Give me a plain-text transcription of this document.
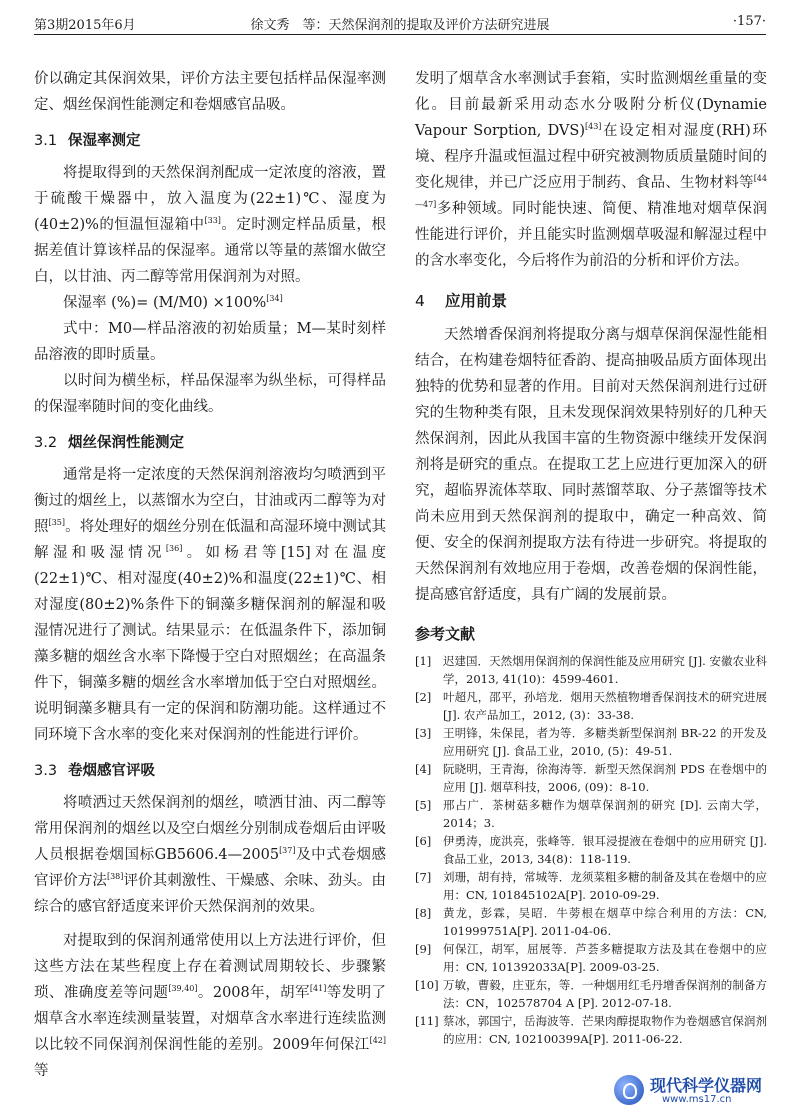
第3期2015年6月	徐文秀　等：天然保润剂的提取及评价方法研究进展	·157·

价以确定其保润效果，评价方法主要包括样品保湿率测定、烟丝保润性能测定和卷烟感官品吸。

3.1 保湿率测定

将提取得到的天然保润剂配成一定浓度的溶液，置于硫酸干燥器中，放入温度为(22±1)℃、湿度为(40±2)%的恒温恒湿箱中[33]。定时测定样品质量，根据差值计算该样品的保湿率。通常以等量的蒸馏水做空白，以甘油、丙二醇等常用保润剂为对照。

保湿率 (%)= (M/M0) ×100%[34]

式中：M0—样品溶液的初始质量；M—某时刻样品溶液的即时质量。

以时间为横坐标，样品保湿率为纵坐标，可得样品的保湿率随时间的变化曲线。

3.2 烟丝保润性能测定

通常是将一定浓度的天然保润剂溶液均匀喷洒到平衡过的烟丝上，以蒸馏水为空白，甘油或丙二醇等为对照[35]。将处理好的烟丝分别在低温和高湿环境中测试其解湿和吸湿情况[36]。如杨君等[15]对在温度(22±1)℃、相对湿度(40±2)%和温度(22±1)℃、相对湿度(80±2)%条件下的铜藻多糖保润剂的解湿和吸湿情况进行了测试。结果显示：在低温条件下，添加铜藻多糖的烟丝含水率下降慢于空白对照烟丝；在高温条件下，铜藻多糖的烟丝含水率增加低于空白对照烟丝。说明铜藻多糖具有一定的保润和防潮功能。这样通过不同环境下含水率的变化来对保润剂的性能进行评价。

3.3 卷烟感官评吸

将喷洒过天然保润剂的烟丝，喷洒甘油、丙二醇等常用保润剂的烟丝以及空白烟丝分别制成卷烟后由评吸人员根据卷烟国标GB5606.4—2005[37]及中式卷烟感官评价方法[38]评价其刺激性、干燥感、余味、劲头。由综合的感官舒适度来评价天然保润剂的效果。

对提取到的保润剂通常使用以上方法进行评价，但这些方法在某些程度上存在着测试周期较长、步骤繁琐、准确度差等问题[39,40]。2008年，胡军[41]等发明了烟草含水率连续测量装置，对烟草含水率进行连续监测以比较不同保润剂保润性能的差别。2009年何保江[42]等

发明了烟草含水率测试手套箱，实时监测烟丝重量的变化。目前最新采用动态水分吸附分析仪(Dynamie Vapour Sorption, DVS)[43]在设定相对湿度(RH)环境、程序升温或恒温过程中研究被测物质质量随时间的变化规律，并已广泛应用于制药、食品、生物材料等[44—47]多种领域。同时能快速、简便、精准地对烟草保润性能进行评价，并且能实时监测烟草吸湿和解湿过程中的含水率变化，今后将作为前沿的分析和评价方法。

4 应用前景

天然增香保润剂将提取分离与烟草保润保湿性能相结合，在构建卷烟特征香韵、提高抽吸品质方面体现出独特的优势和显著的作用。目前对天然保润剂进行过研究的生物种类有限，且未发现保润效果特别好的几种天然保润剂，因此从我国丰富的生物资源中继续开发保润剂将是研究的重点。在提取工艺上应进行更加深入的研究，超临界流体萃取、同时蒸馏萃取、分子蒸馏等技术尚未应用到天然保润剂的提取中，确定一种高效、简便、安全的保润剂提取方法有待进一步研究。将提取的天然保润剂有效地应用于卷烟，改善卷烟的保润性能，提高感官舒适度，具有广阔的发展前景。

参考文献
[1]	迟建国．天然烟用保润剂的保润性能及应用研究 [J]. 安徽农业科学，2013, 41(10)：4599-4601.
[2]	叶超凡，邵平，孙培龙．烟用天然植物增香保润技术的研究进展 [J]. 农产品加工，2012, (3)：33-38.
[3]	王明锋，朱保昆，者为等．多糖类新型保润剂 BR-22 的开发及应用研究 [J]. 食品工业，2010, (5)：49-51.
[4]	阮晓明，王青海，徐海涛等．新型天然保润剂 PDS 在卷烟中的应用 [J]. 烟草科技，2006, (09)：8-10.
[5]	邢占广．茶树菇多糖作为烟草保润剂的研究 [D]. 云南大学，2014；3.
[6]	伊勇涛，庞洪亮，张峰等．银耳浸提液在卷烟中的应用研究 [J]. 食品工业，2013, 34(8)：118-119.
[7]	刘珊，胡有持，常城等．龙须菜粗多糖的制备及其在卷烟中的应用：CN, 101845102A[P]. 2010-09-29.
[8]	黄龙，彭霖，吴昭．牛蒡根在烟草中综合利用的方法：CN, 101999751A[P]. 2011-04-06.
[9]	何保江，胡军，屈展等．芦荟多糖提取方法及其在卷烟中的应用：CN, 101392033A[P]. 2009-03-25.
[10] 万敏，曹毅，庄亚东，等．一种烟用红毛丹增香保润剂的制备方法：CN，102578704 A [P]. 2012-07-18.
[11] 蔡冰，郭国宁，岳海波等．芒果肉醇提取物作为卷烟感官保润剂的应用：CN, 102100399A[P]. 2011-06-22.
现代科学仪器网
www.ms17.cn
